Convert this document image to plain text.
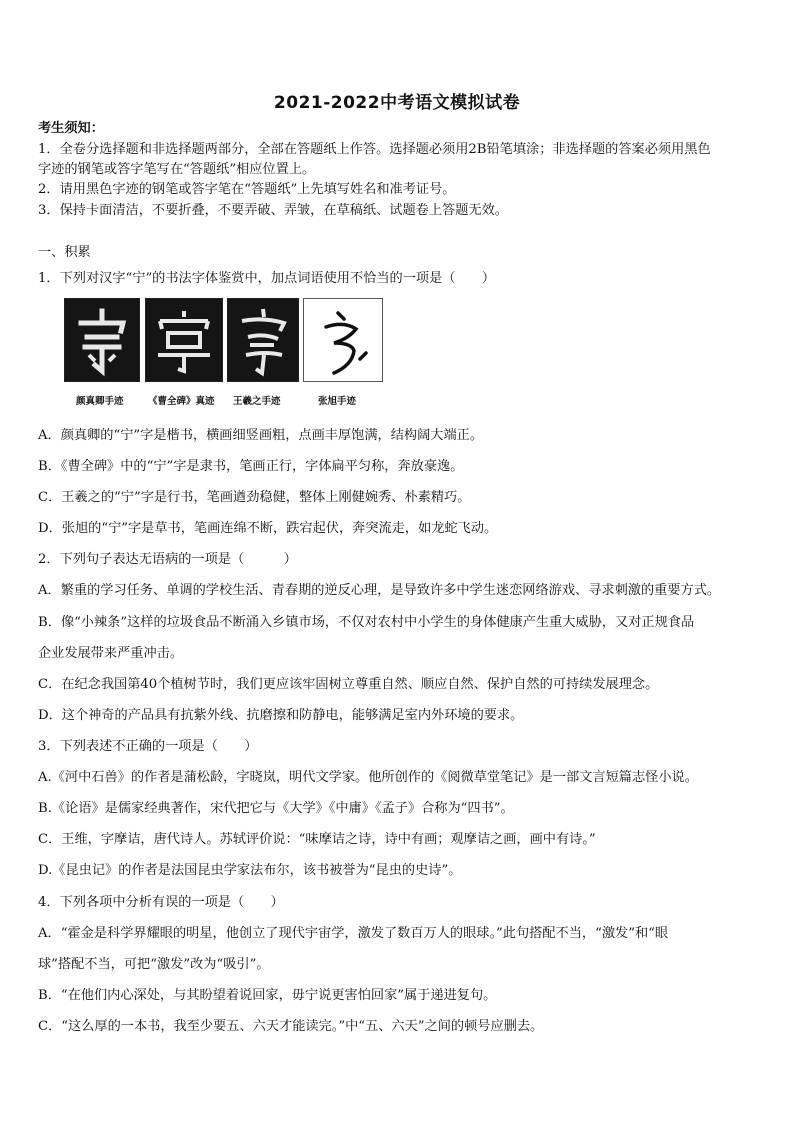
2021-2022中考语文模拟试卷
考生须知：
1．全卷分选择题和非选择题两部分，全部在答题纸上作答。选择题必须用2B铅笔填涂；非选择题的答案必须用黑色
字迹的钢笔或答字笔写在“答题纸”相应位置上。
2．请用黑色字迹的钢笔或答字笔在“答题纸”上先填写姓名和准考证号。
3．保持卡面清洁，不要折叠，不要弄破、弄皱，在草稿纸、试题卷上答题无效。
一、积累
1．下列对汉字“宁”的书法字体鉴赏中，加点词语使用不恰当的一项是（　　）
颜真卿手迹	《曹全碑》真迹 王羲之手迹	张旭手迹
A．颜真卿的“宁”字是楷书，横画细竖画粗，点画丰厚饱满，结构阔大端正。
B．《曹全碑》中的“宁”字是隶书，笔画正行，字体扁平匀称，奔放豪逸。
C．王羲之的“宁”字是行书，笔画遒劲稳健，整体上刚健婉秀、朴素精巧。
D．张旭的“宁”字是草书，笔画连绵不断，跌宕起伏，奔突流走，如龙蛇飞动。
2．下列句子表达无语病的一项是（　　　）
A．繁重的学习任务、单调的学校生活、青春期的逆反心理，是导致许多中学生迷恋网络游戏、寻求刺激的重要方式。
B．像“小辣条”这样的垃圾食品不断涌入乡镇市场，不仅对农村中小学生的身体健康产生重大威胁，又对正规食品
企业发展带来严重冲击。
C．在纪念我国第40个植树节时，我们更应该牢固树立尊重自然、顺应自然、保护自然的可持续发展理念。
D．这个神奇的产品具有抗紫外线、抗磨擦和防静电，能够满足室内外环境的要求。
3．下列表述不正确的一项是（　　）
A.《河中石兽》的作者是蒲松龄，字晓岚，明代文学家。他所创作的《阅微草堂笔记》是一部文言短篇志怪小说。
B.《论语》是儒家经典著作，宋代把它与《大学》《中庸》《孟子》合称为“四书”。
C．王维，字摩诘，唐代诗人。苏轼评价说：“味摩诘之诗，诗中有画；观摩诘之画，画中有诗。”
D.《昆虫记》的作者是法国昆虫学家法布尔，该书被誉为“昆虫的史诗”。
4．下列各项中分析有误的一项是（　　）
A．“霍金是科学界耀眼的明星，他创立了现代宇宙学，激发了数百万人的眼球。”此句搭配不当，“激发”和“眼
球”搭配不当，可把“激发”改为“吸引”。
B．“在他们内心深处，与其盼望着说回家，毋宁说更害怕回家”属于递进复句。
C．“这么厚的一本书，我至少要五、六天才能读完。”中“五、六天”之间的顿号应删去。
